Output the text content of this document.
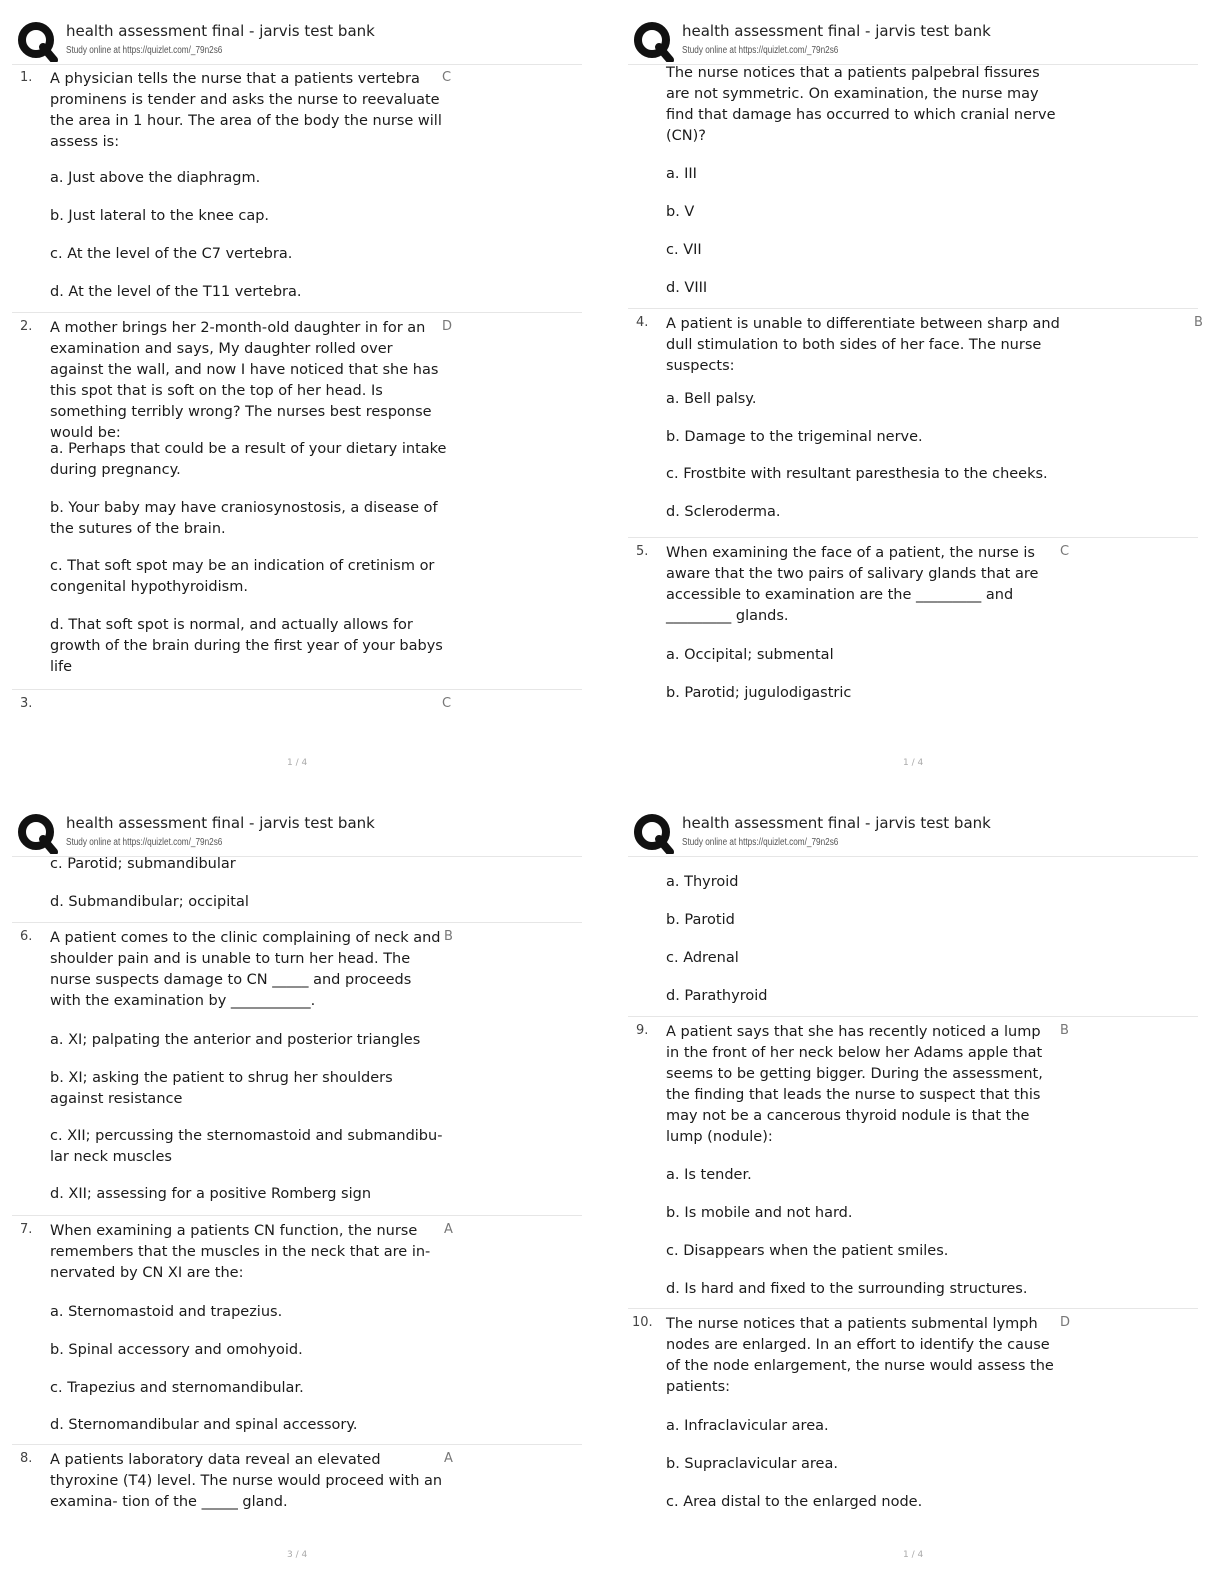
health assessment final - jarvis test bank
Study online at https://quizlet.com/_79n2s6
1.	C
A physician tells the nurse that a patients vertebra prominens is tender and asks the nurse to reevaluate the area in 1 hour. The area of the body the nurse will assess is:
a. Just above the diaphragm.
b. Just lateral to the knee cap.
c. At the level of the C7 vertebra.
d. At the level of the T11 vertebra.
2.	D
A mother brings her 2-month-old daughter in for an examination and says, My daughter rolled over against the wall, and now I have noticed that she has this spot that is soft on the top of her head. Is something terribly wrong? The nurses best response would be:
a. Perhaps that could be a result of your dietary intake during pregnancy.
b. Your baby may have craniosynostosis, a disease of the sutures of the brain.
c. That soft spot may be an indication of cretinism or congenital hypothyroidism.
d. That soft spot is normal, and actually allows for growth of the brain during the first year of your babys life
3.	C
1 / 4
health assessment final - jarvis test bank
Study online at https://quizlet.com/_79n2s6
The nurse notices that a patients palpebral fissures are not symmetric. On examination, the nurse may find that damage has occurred to which cranial nerve (CN)?
a. III
b. V
c. VII
d. VIII
4.	B
A patient is unable to differentiate between sharp and dull stimulation to both sides of her face. The nurse suspects:
a. Bell palsy.
b. Damage to the trigeminal nerve.
c. Frostbite with resultant paresthesia to the cheeks.
d. Scleroderma.
5.	C
When examining the face of a patient, the nurse is aware that the two pairs of salivary glands that are accessible to examination are the _________ and _________ glands.
a. Occipital; submental
b. Parotid; jugulodigastric
1 / 4
health assessment final - jarvis test bank
Study online at https://quizlet.com/_79n2s6
c. Parotid; submandibular
d. Submandibular; occipital
6.	B
A patient comes to the clinic complaining of neck and shoulder pain and is unable to turn her head. The nurse suspects damage to CN _____ and proceeds with the examination by ___________.
a. XI; palpating the anterior and posterior triangles
b. XI; asking the patient to shrug her shoulders against resistance
c. XII; percussing the sternomastoid and submandibu- lar neck muscles
d. XII; assessing for a positive Romberg sign
7.	A
When examining a patients CN function, the nurse remembers that the muscles in the neck that are in- nervated by CN XI are the:
a. Sternomastoid and trapezius.
b. Spinal accessory and omohyoid.
c. Trapezius and sternomandibular.
d. Sternomandibular and spinal accessory.
8.	A
A patients laboratory data reveal an elevated thyroxine (T4) level. The nurse would proceed with an examina- tion of the _____ gland.
3 / 4
health assessment final - jarvis test bank
Study online at https://quizlet.com/_79n2s6
a. Thyroid
b. Parotid
c. Adrenal
d. Parathyroid
9.	B
A patient says that she has recently noticed a lump in the front of her neck below her Adams apple that seems to be getting bigger. During the assessment, the finding that leads the nurse to suspect that this may not be a cancerous thyroid nodule is that the lump (nodule):
a. Is tender.
b. Is mobile and not hard.
c. Disappears when the patient smiles.
d. Is hard and fixed to the surrounding structures.
10.	D
The nurse notices that a patients submental lymph nodes are enlarged. In an effort to identify the cause of the node enlargement, the nurse would assess the patients:
a. Infraclavicular area.
b. Supraclavicular area.
c. Area distal to the enlarged node.
1 / 4
